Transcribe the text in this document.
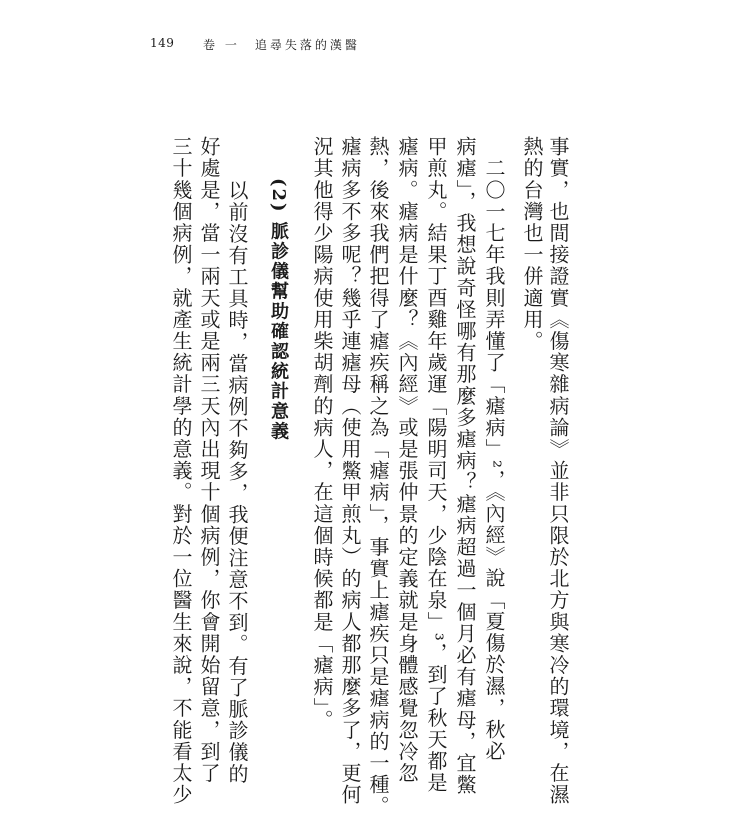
149 卷 一　追尋失落的漢醫
事實，也間接證實《傷寒雜病論》並非只限於北方與寒冷的環境，在濕
熱的台灣也一併適用。
　二〇一七年我則弄懂了「瘧病」²，《內經》說「夏傷於濕，秋必
病瘧」，我想說奇怪哪有那麼多瘧病？瘧病超過一個月必有瘧母，宜鱉
甲煎丸。結果丁酉雞年歲運「陽明司天，少陰在泉」³，到了秋天都是
瘧病。瘧病是什麼？《內經》或是張仲景的定義就是身體感覺忽冷忽
熱，後來我們把得了瘧疾稱之為「瘧病」，事實上瘧疾只是瘧病的一種。
瘧病多不多呢？幾乎連瘧母（使用鱉甲煎丸）的病人都那麼多了，更何
況其他得少陽病使用柴胡劑的病人，在這個時候都是「瘧病」。
(2) 脈診儀幫助確認統計意義
以前沒有工具時，當病例不夠多，我便注意不到。有了脈診儀的
好處是，當一兩天或是兩三天內出現十個病例，你會開始留意，到了
三十幾個病例，就產生統計學的意義。對於一位醫生來說，不能看太少
